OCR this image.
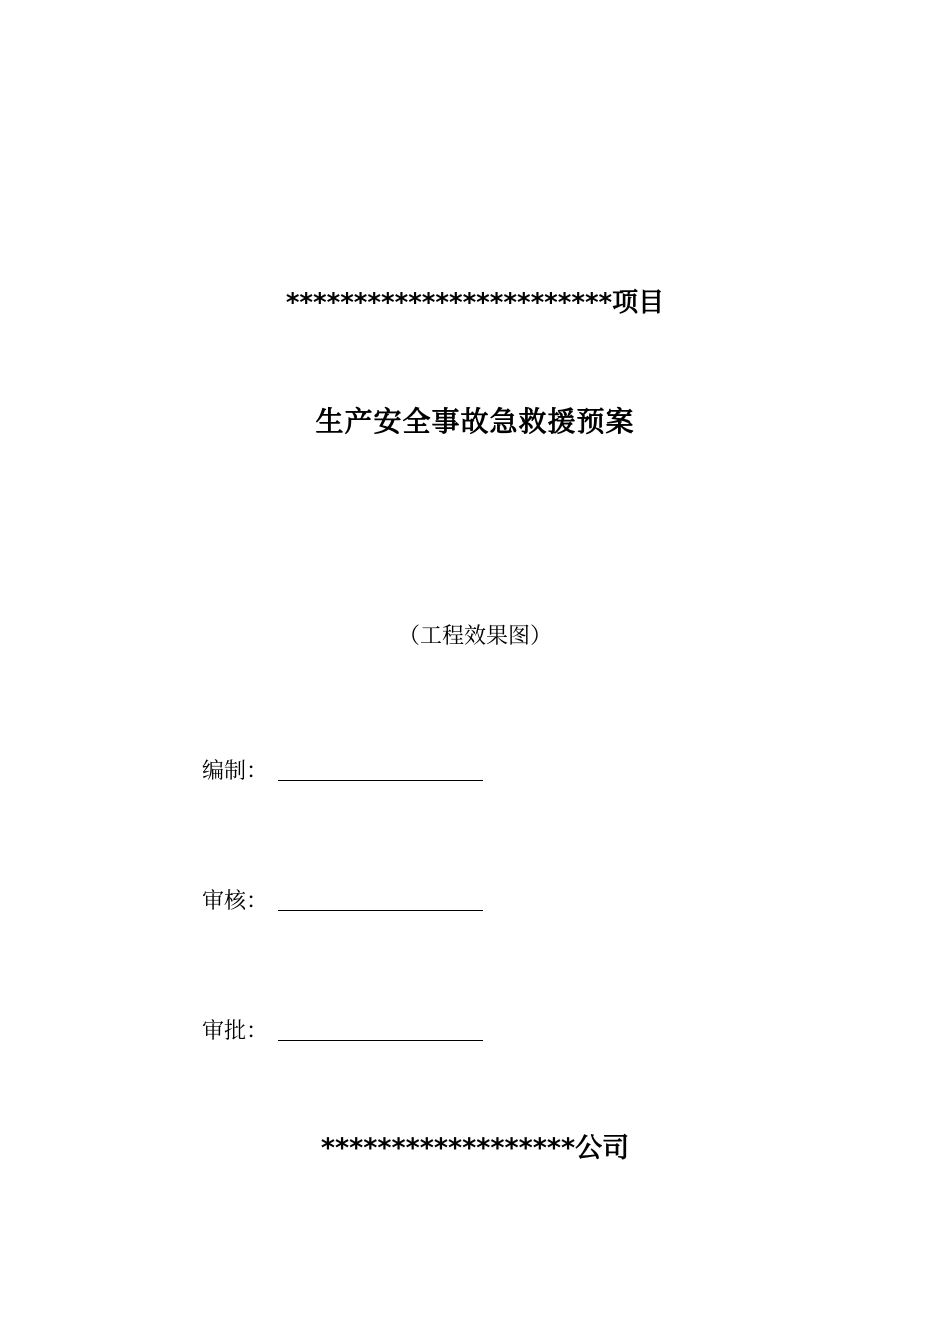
************************项目
生产安全事故急救援预案
（工程效果图）
编制：
审核：
审批：
******************公司
